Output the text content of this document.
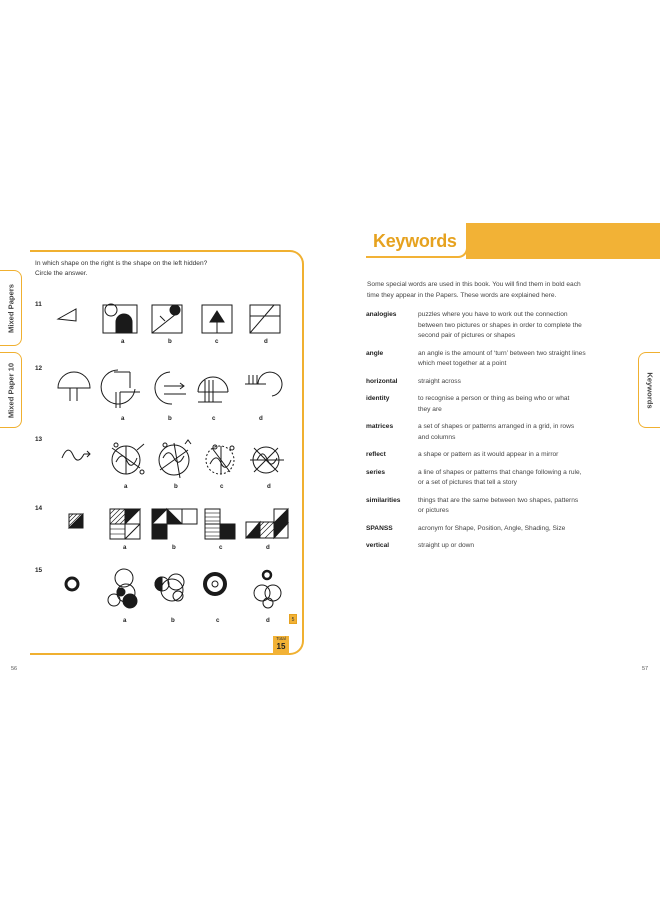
Mixed Papers
Mixed Paper 10
In which shape on the right is the shape on the left hidden?
Circle the answer.
11
12
13
14
15
a	b	c	d
a	b	c	d
a	b	c	d
a	b	c	d
a	b	c	d	5
Total
15
56
Keywords
Keywords
Some special words are used in this book. You will find them in bold each
time they appear in the Papers. These words are explained here.
analogies	puzzles where you have to work out the connection
between two pictures or shapes in order to complete the
second pair of pictures or shapes

angle	an angle is the amount of ‘turn’ between two straight lines
which meet together at a point

horizontal	straight across

identity	to recognise a person or thing as being who or what
they are

matrices	a set of shapes or patterns arranged in a grid, in rows
and columns

reflect	a shape or pattern as it would appear in a mirror

series	a line of shapes or patterns that change following a rule,
or a set of pictures that tell a story

similarities	things that are the same between two shapes, patterns
or pictures

SPANSS	acronym for Shape, Position, Angle, Shading, Size

vertical	straight up or down
57
